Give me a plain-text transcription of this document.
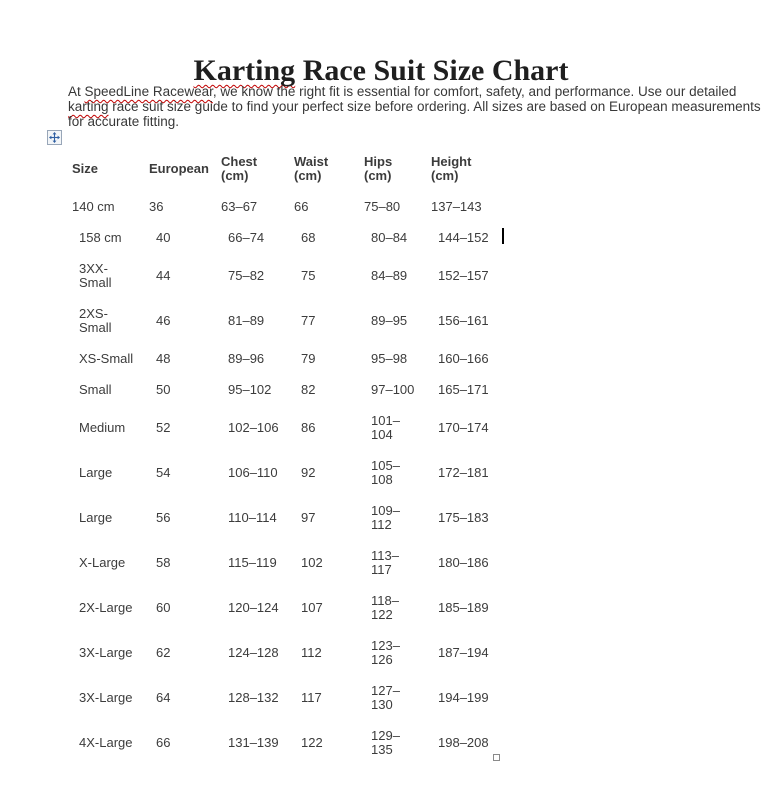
Karting Race Suit Size Chart
At SpeedLine Racewear, we know the right fit is essential for comfort, safety, and performance. Use our detailed
karting race suit size guide to find your perfect size before ordering. All sizes are based on European measurements
for accurate fitting.
Size	European	Chest (cm)	Waist (cm)	Hips (cm)	Height (cm)
140 cm	36	63–67	66	75–80	137–143
158 cm	40	66–74	68	80–84	144–152
3XX-Small	44	75–82	75	84–89	152–157
2XS-Small	46	81–89	77	89–95	156–161
XS-Small	48	89–96	79	95–98	160–166
Small	50	95–102	82	97–100	165–171
Medium	52	102–106	86	101–104	170–174
Large	54	106–110	92	105–108	172–181
Large	56	110–114	97	109–112	175–183
X-Large	58	115–119	102	113–117	180–186
2X-Large	60	120–124	107	118–122	185–189
3X-Large	62	124–128	112	123–126	187–194
3X-Large	64	128–132	117	127–130	194–199
4X-Large	66	131–139	122	129–135	198–208
